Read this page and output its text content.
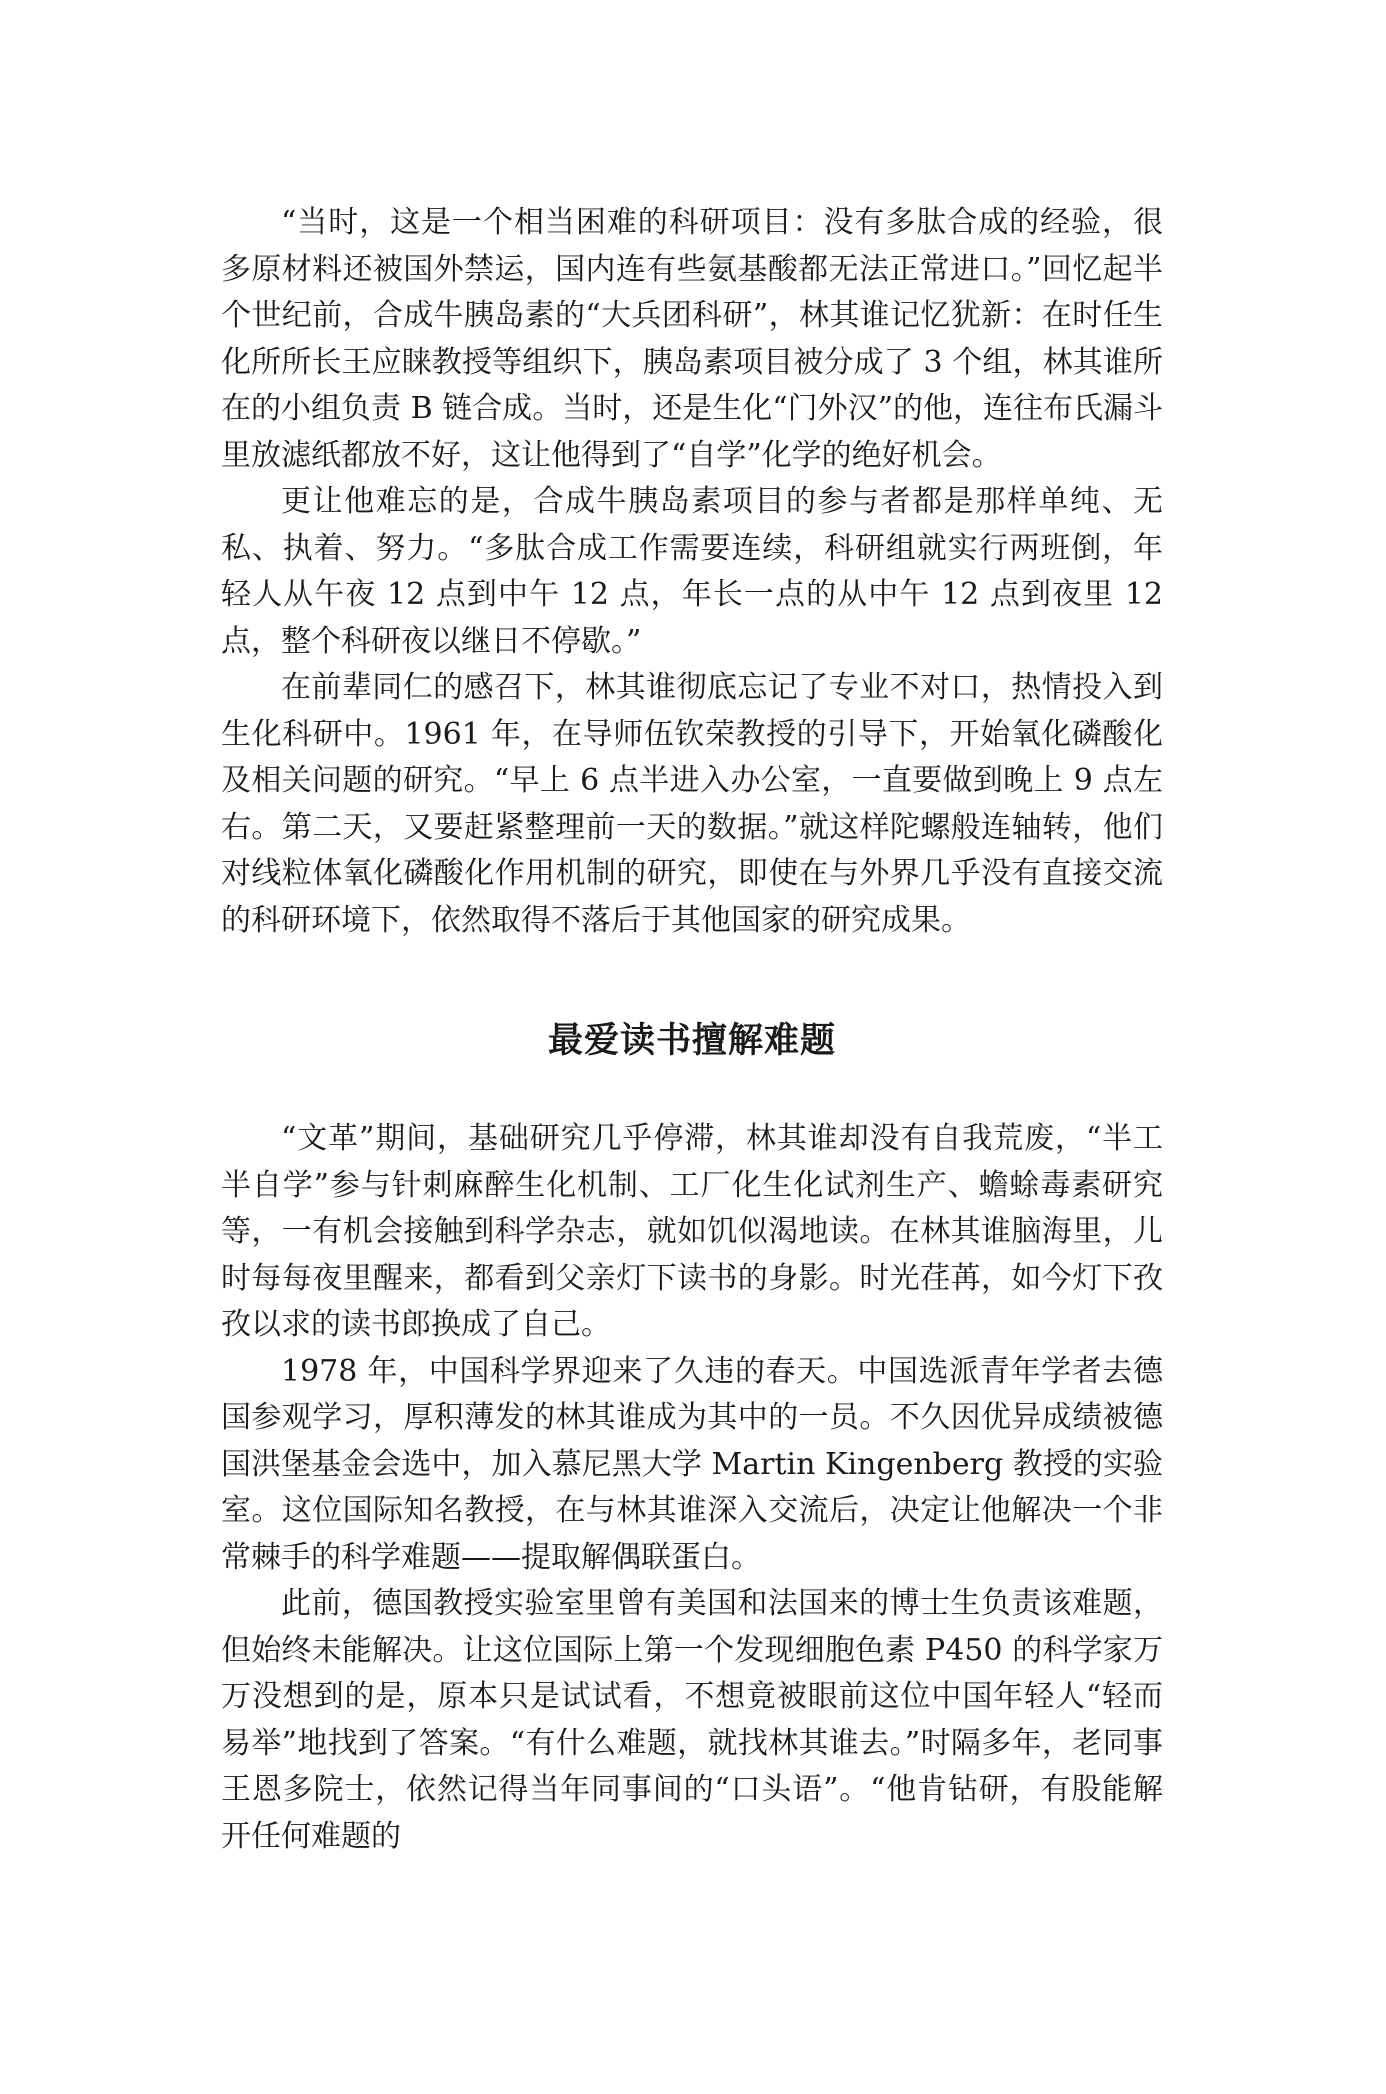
“当时，这是一个相当困难的科研项目：没有多肽合成的经验，很多原材料还被国外禁运，国内连有些氨基酸都无法正常进口。”回忆起半个世纪前，合成牛胰岛素的“大兵团科研”，林其谁记忆犹新：在时任生化所所长王应睐教授等组织下，胰岛素项目被分成了 3 个组，林其谁所在的小组负责 B 链合成。当时，还是生化“门外汉”的他，连往布氏漏斗里放滤纸都放不好，这让他得到了“自学”化学的绝好机会。

更让他难忘的是，合成牛胰岛素项目的参与者都是那样单纯、无私、执着、努力。“多肽合成工作需要连续，科研组就实行两班倒，年轻人从午夜 12 点到中午 12 点，年长一点的从中午 12 点到夜里 12 点，整个科研夜以继日不停歇。”

在前辈同仁的感召下，林其谁彻底忘记了专业不对口，热情投入到生化科研中。1961 年，在导师伍钦荣教授的引导下，开始氧化磷酸化及相关问题的研究。“早上 6 点半进入办公室，一直要做到晚上 9 点左右。第二天，又要赶紧整理前一天的数据。”就这样陀螺般连轴转，他们对线粒体氧化磷酸化作用机制的研究，即使在与外界几乎没有直接交流的科研环境下，依然取得不落后于其他国家的研究成果。

最爱读书擅解难题

“文革”期间，基础研究几乎停滞，林其谁却没有自我荒废，“半工半自学”参与针刺麻醉生化机制、工厂化生化试剂生产、蟾蜍毒素研究等，一有机会接触到科学杂志，就如饥似渴地读。在林其谁脑海里，儿时每每夜里醒来，都看到父亲灯下读书的身影。时光荏苒，如今灯下孜孜以求的读书郎换成了自己。

1978 年，中国科学界迎来了久违的春天。中国选派青年学者去德国参观学习，厚积薄发的林其谁成为其中的一员。不久因优异成绩被德国洪堡基金会选中，加入慕尼黑大学 Martin Kingenberg 教授的实验室。这位国际知名教授，在与林其谁深入交流后，决定让他解决一个非常棘手的科学难题——提取解偶联蛋白。

此前，德国教授实验室里曾有美国和法国来的博士生负责该难题，但始终未能解决。让这位国际上第一个发现细胞色素 P450 的科学家万万没想到的是，原本只是试试看，不想竟被眼前这位中国年轻人“轻而易举”地找到了答案。“有什么难题，就找林其谁去。”时隔多年，老同事王恩多院士，依然记得当年同事间的“口头语”。“他肯钻研，有股能解开任何难题的
